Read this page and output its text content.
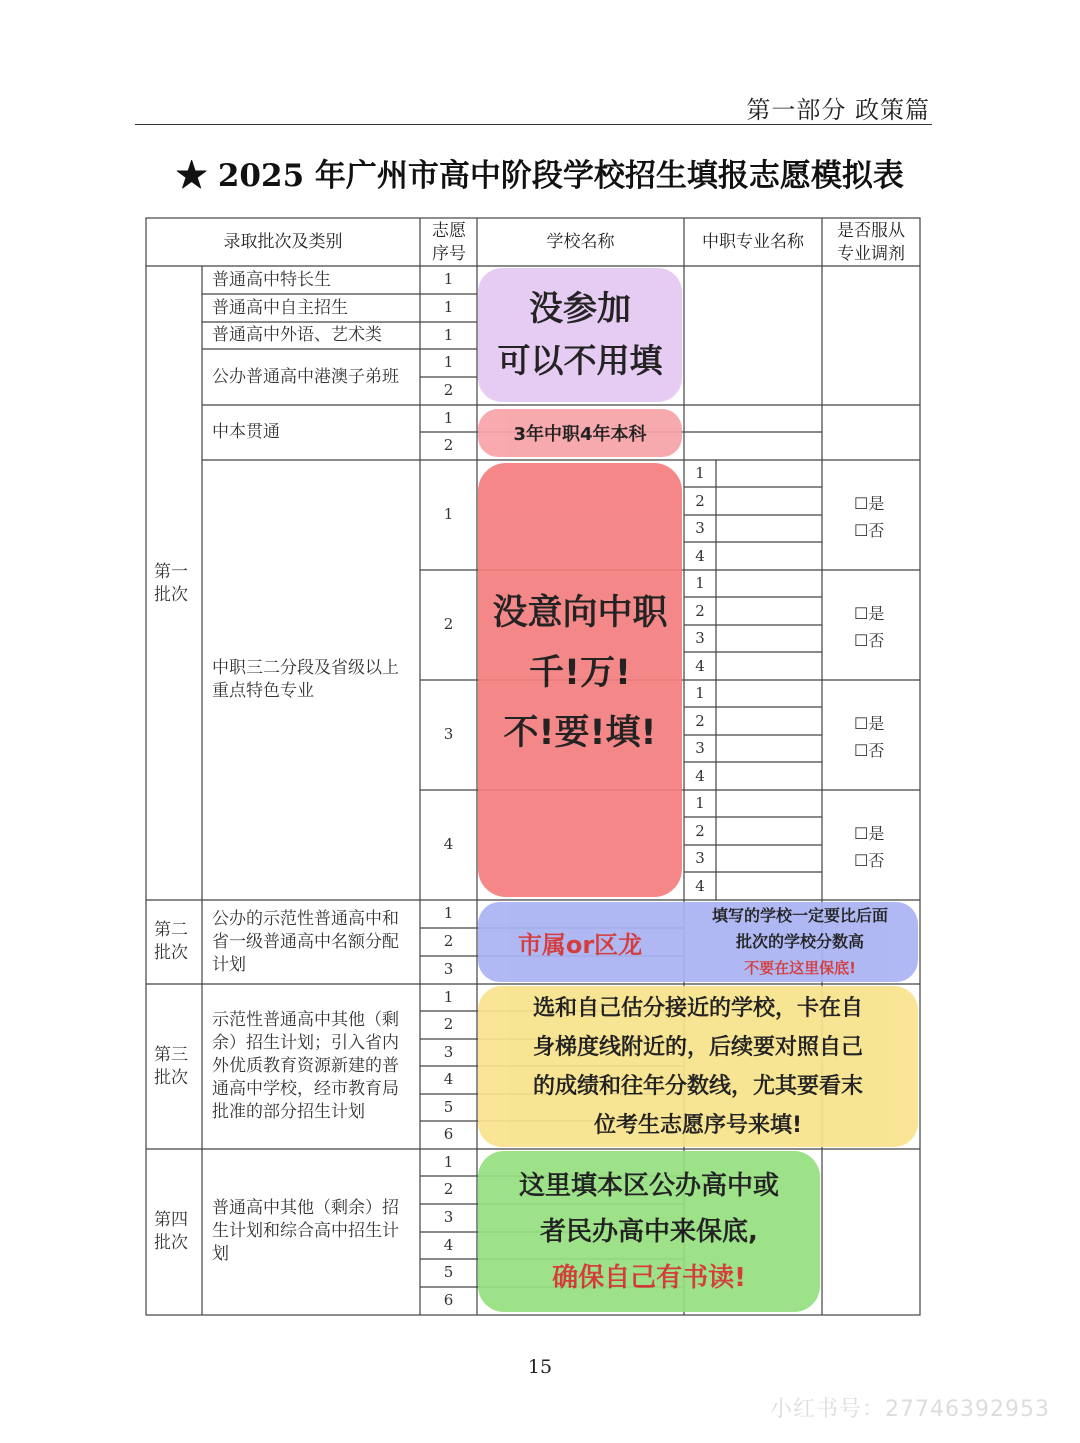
第一部分 政策篇
★ 2025 年广州市高中阶段学校招生填报志愿模拟表
录取批次及类别
志愿序号
学校名称	中职专业名称
是否服从专业调剂
第一批次
第二批次
第三批次
第四批次
普通高中特长生
普通高中自主招生
普通高中外语、艺术类
公办普通高中港澳子弟班
中本贯通
中职三二分段及省级以上重点特色专业
公办的示范性普通高中和省一级普通高中名额分配计划
示范性普通高中其他（剩余）招生计划；引入省内外优质教育资源新建的普通高中学校，经市教育局批准的部分招生计划
普通高中其他（剩余）招生计划和综合高中招生计划
1
1
1
1
2
1
2
1
2
3
4
1
2
3
1
2
3
4
5
6
1
2
3
4
5
6
1
2
3
4
1
2
3
4
1
2
3
4
1
2
3
4
☐是
☐否
☐是
☐否
☐是
☐否
☐是
☐否
没参加
可以不用填
3年中职4年本科
没意向中职
千!万!
不!要!填!
市属or区龙
填写的学校一定要比后面
批次的学校分数高
不要在这里保底!
选和自己估分接近的学校，卡在自
身梯度线附近的，后续要对照自己
的成绩和往年分数线，尤其要看末
位考生志愿序号来填!
这里填本区公办高中或
者民办高中来保底,
确保自己有书读!
15
小红书号：27746392953
